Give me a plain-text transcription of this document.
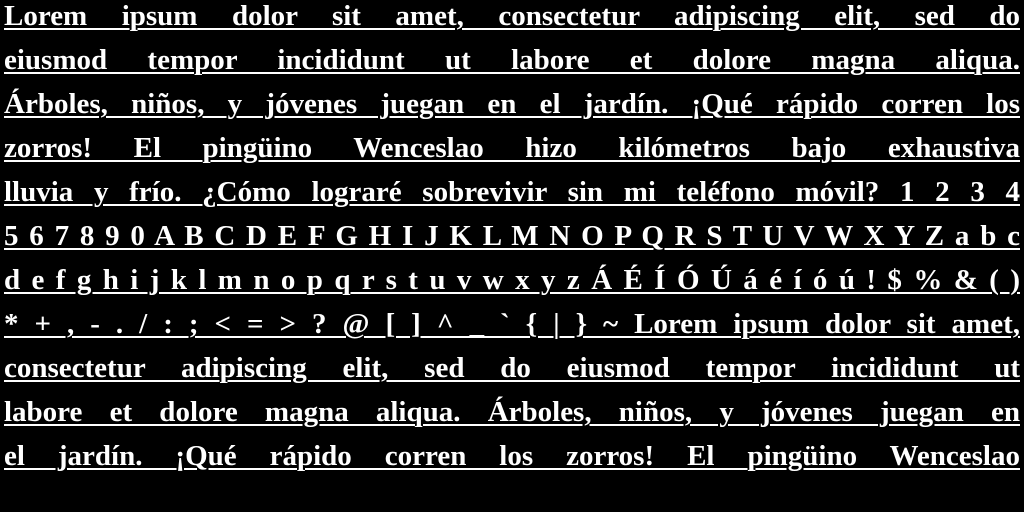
Lorem ipsum dolor sit amet, consectetur adipiscing elit, sed do
eiusmod tempor incididunt ut labore et dolore magna aliqua.
Árboles, niños, y jóvenes juegan en el jardín. ¡Qué rápido corren los
zorros! El pingüino Wenceslao hizo kilómetros bajo exhaustiva
lluvia y frío. ¿Cómo lograré sobrevivir sin mi teléfono móvil? 1 2 3 4
5 6 7 8 9 0 A B C D E F G H I J K L M N O P Q R S T U V W X Y Z a b c
d e f g h i j k l m n o p q r s t u v w x y z Á É Í Ó Ú á é í ó ú ! $ % & ( )
* + , - . / : ; < = > ? @ [ ] ^ _ ` { | } ~ Lorem ipsum dolor sit amet,
consectetur adipiscing elit, sed do eiusmod tempor incididunt ut
labore et dolore magna aliqua. Árboles, niños, y jóvenes juegan en
el jardín. ¡Qué rápido corren los zorros! El pingüino Wenceslao
